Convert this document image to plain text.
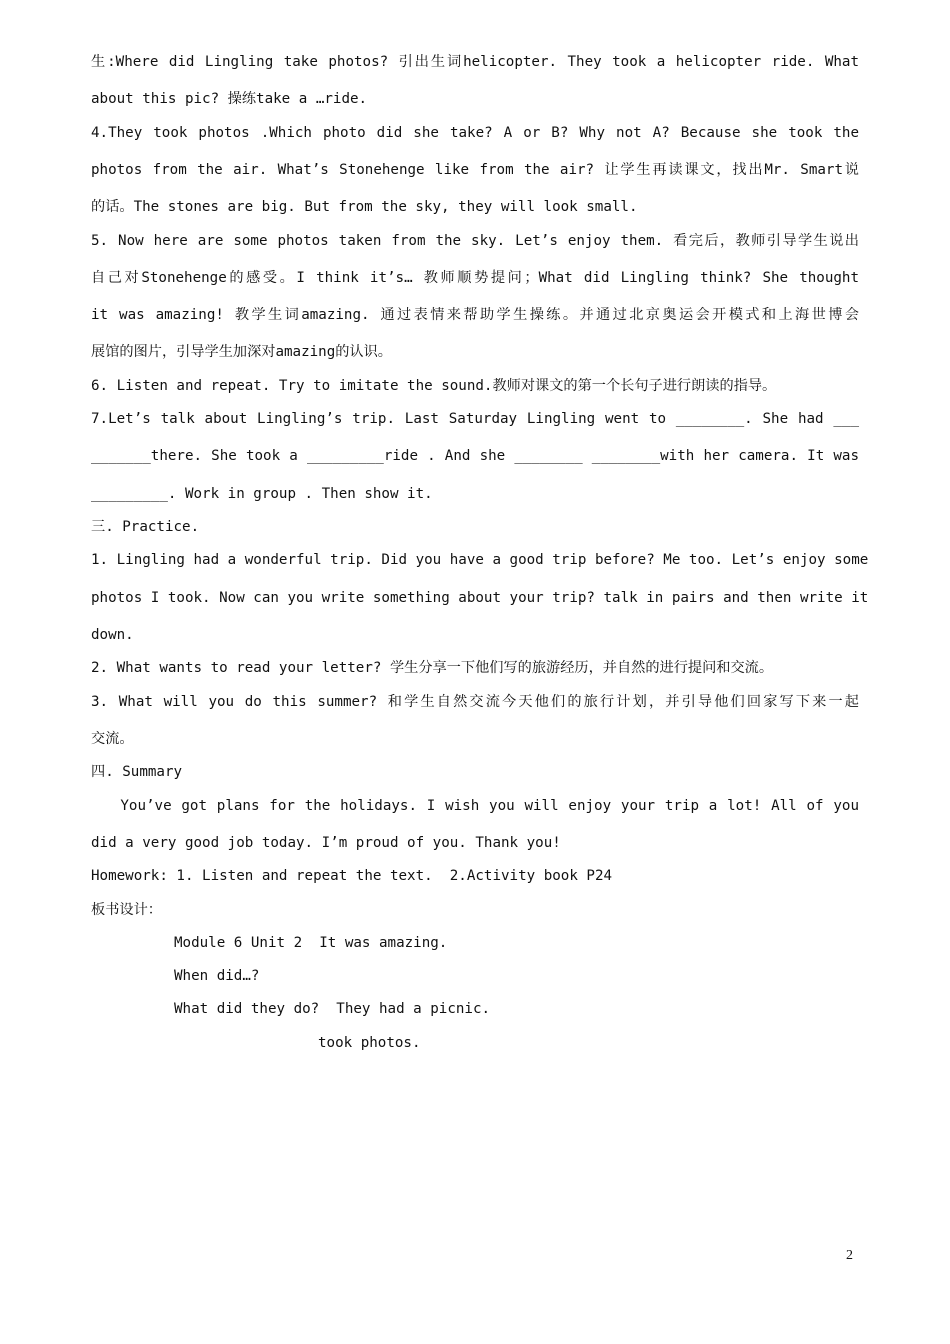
生:Where did Lingling take photos? 引出生词helicopter. They took a helicopter ride. What
about this pic? 操练take a …ride.
4.They took photos .Which photo did she take? A or B? Why not A? Because she took the
photos from the air. What’s Stonehenge like from the air? 让学生再读课文，找出Mr. Smart说
的话。The stones are big. But from the sky, they will look small.
5. Now here are some photos taken from the sky. Let’s enjoy them. 看完后，教师引导学生说出
自己对Stonehenge的感受。I think it’s… 教师顺势提问；What did Lingling think? She thought
it was amazing! 教学生词amazing. 通过表情来帮助学生操练。并通过北京奥运会开模式和上海世博会
展馆的图片，引导学生加深对amazing的认识。
6. Listen and repeat. Try to imitate the sound.教师对课文的第一个长句子进行朗读的指导。
7.Let’s talk about Lingling’s trip. Last Saturday Lingling went to ________. She had ___
_______there. She took a _________ride . And she ________ ________with her camera. It was
_________. Work in group . Then show it.
三. Practice.
1. Lingling had a wonderful trip. Did you have a good trip before? Me too. Let’s enjoy some
photos I took. Now can you write something about your trip? talk in pairs and then write it
down.
2. What wants to read your letter? 学生分享一下他们写的旅游经历，并自然的进行提问和交流。
3. What will you do this summer? 和学生自然交流今天他们的旅行计划，并引导他们回家写下来一起
交流。
四. Summary
You’ve got plans for the holidays. I wish you will enjoy your trip a lot! All of you
did a very good job today. I’m proud of you. Thank you!
Homework: 1. Listen and repeat the text.  2.Activity book P24
板书设计：
Module 6 Unit 2  It was amazing.
When did…?
What did they do?  They had a picnic.
took photos.
2
